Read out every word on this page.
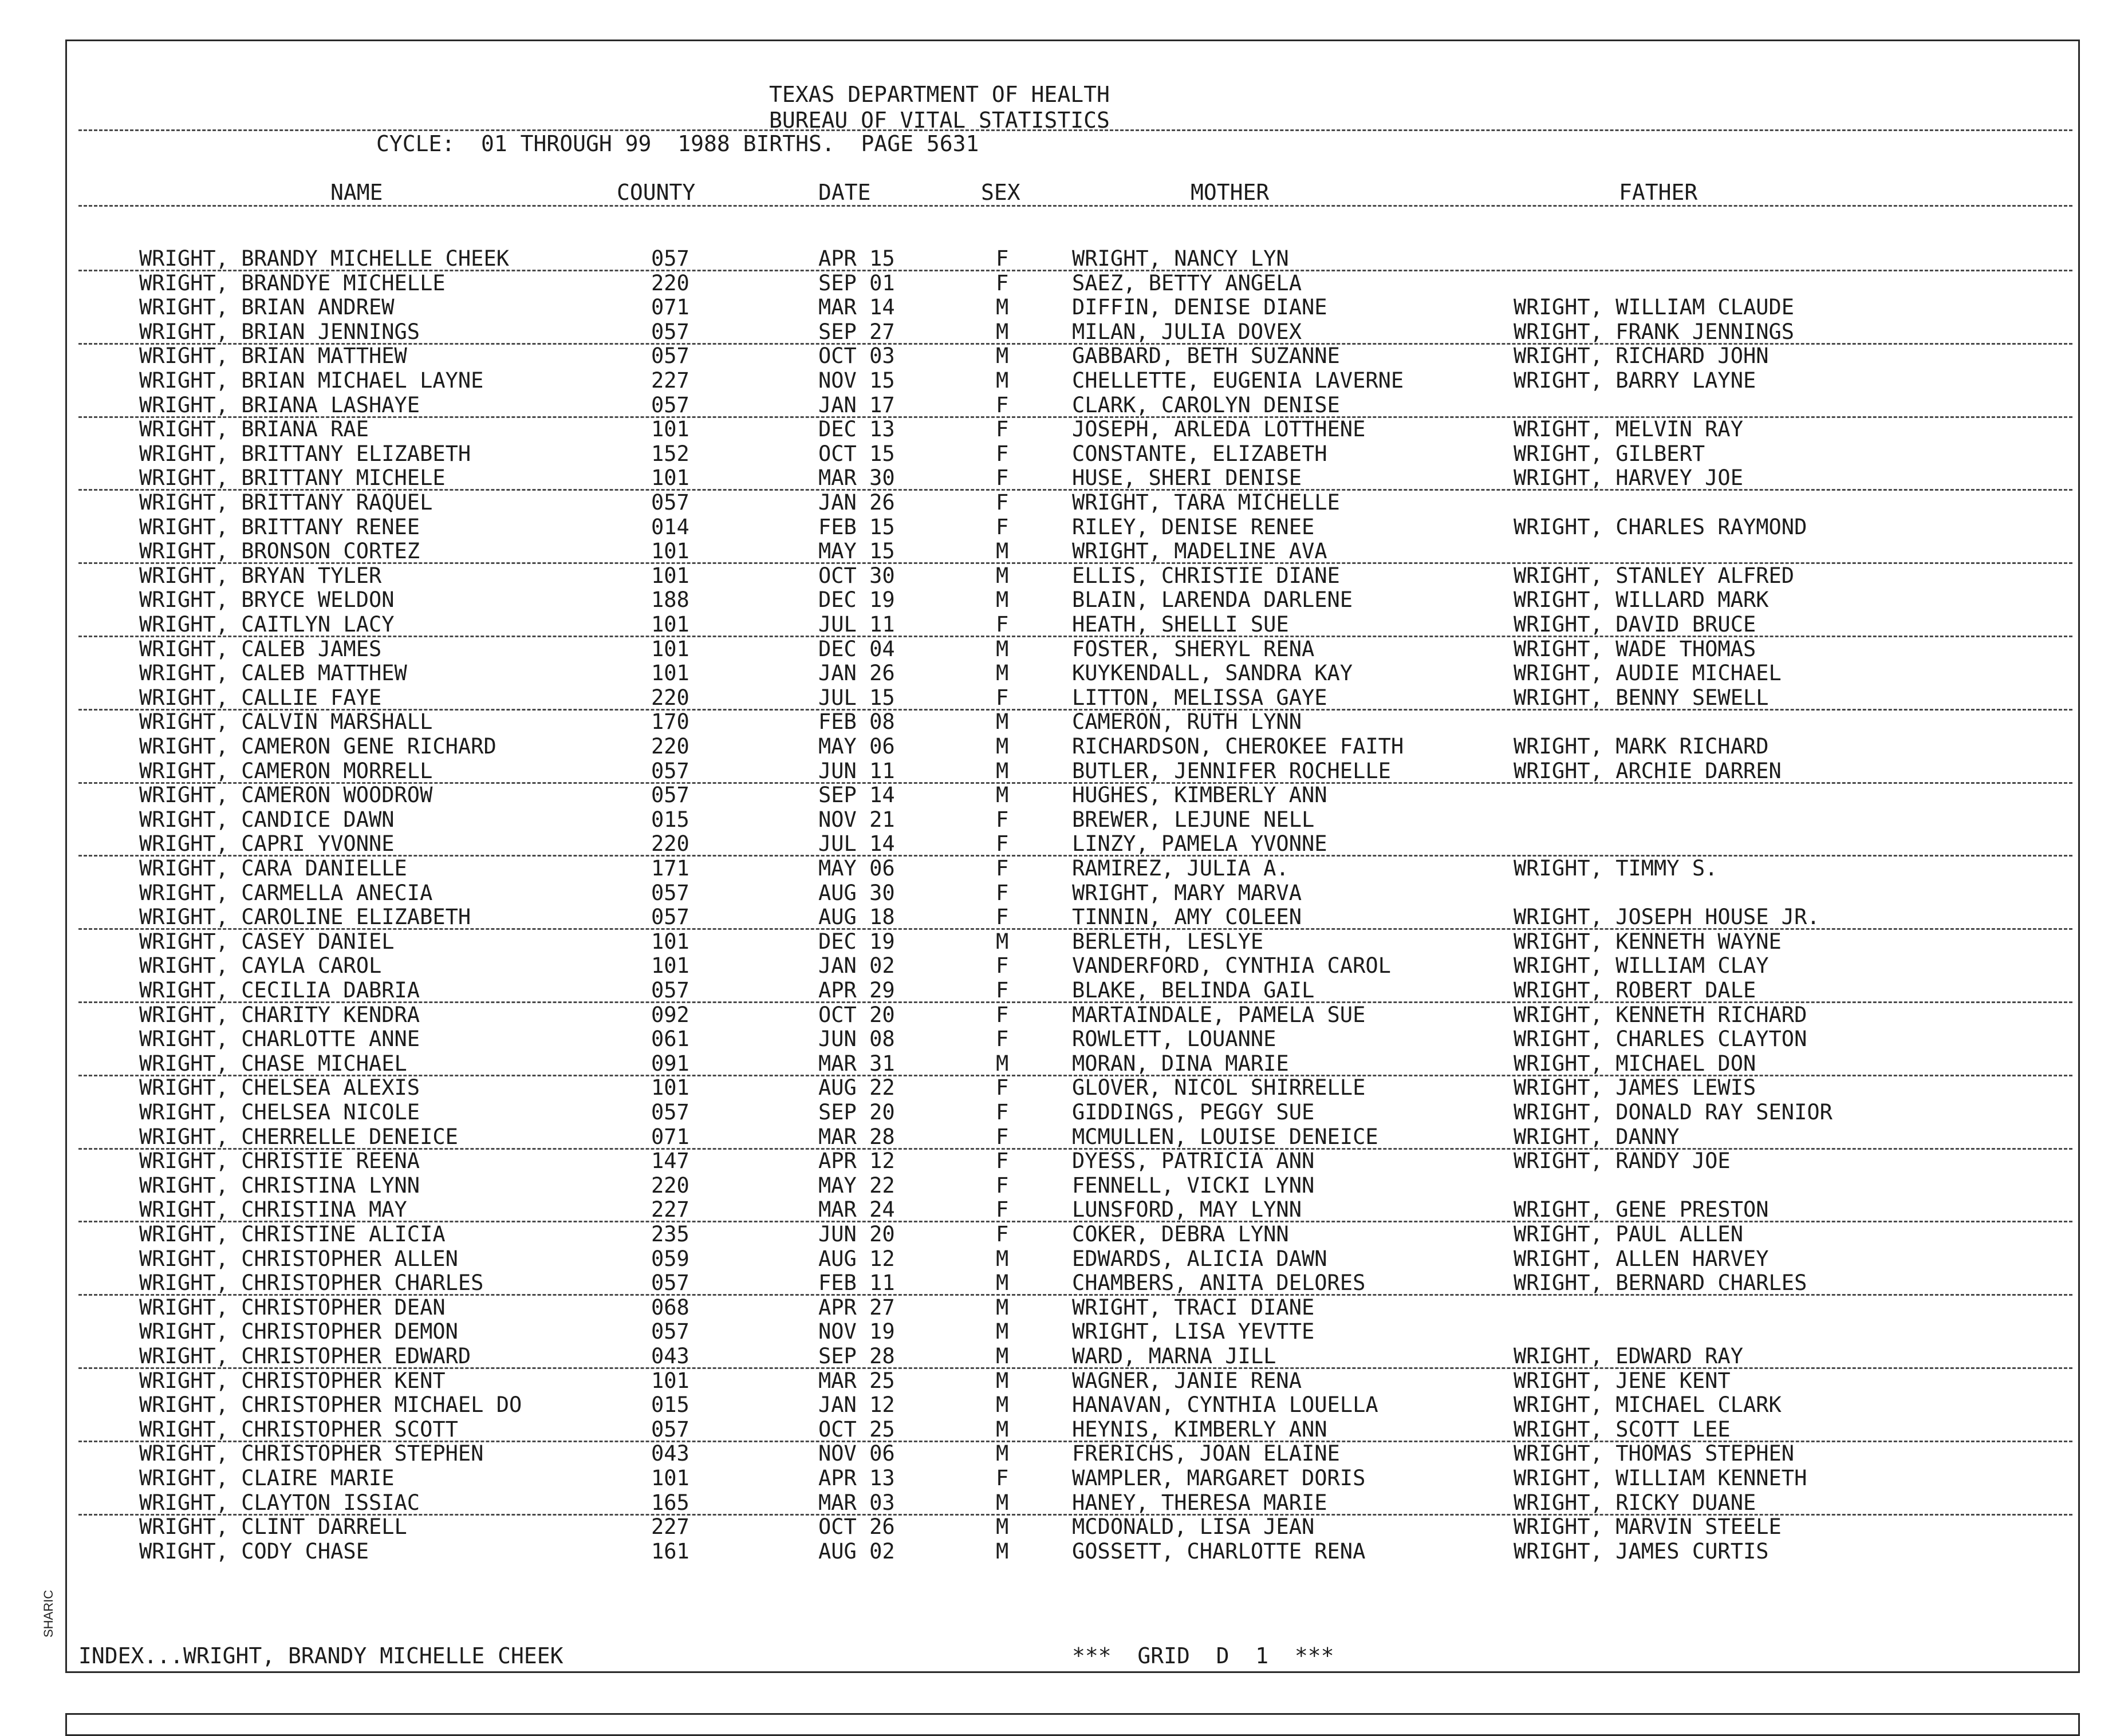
TEXAS DEPARTMENT OF HEALTH
BUREAU OF VITAL STATISTICS
CYCLE:  01 THROUGH 99  1988 BIRTHS.  PAGE 5631
NAME	COUNTY	DATE	SEX	MOTHER	FATHER
WRIGHT, BRANDY MICHELLE CHEEK	057	APR 15	F	WRIGHT, NANCY LYN
WRIGHT, BRANDYE MICHELLE	220	SEP 01	F	SAEZ, BETTY ANGELA
WRIGHT, BRIAN ANDREW	071	MAR 14	M	DIFFIN, DENISE DIANE	WRIGHT, WILLIAM CLAUDE
WRIGHT, BRIAN JENNINGS	057	SEP 27	M	MILAN, JULIA DOVEX	WRIGHT, FRANK JENNINGS
WRIGHT, BRIAN MATTHEW	057	OCT 03	M	GABBARD, BETH SUZANNE	WRIGHT, RICHARD JOHN
WRIGHT, BRIAN MICHAEL LAYNE	227	NOV 15	M	CHELLETTE, EUGENIA LAVERNE	WRIGHT, BARRY LAYNE
WRIGHT, BRIANA LASHAYE	057	JAN 17	F	CLARK, CAROLYN DENISE
WRIGHT, BRIANA RAE	101	DEC 13	F	JOSEPH, ARLEDA LOTTHENE	WRIGHT, MELVIN RAY
WRIGHT, BRITTANY ELIZABETH	152	OCT 15	F	CONSTANTE, ELIZABETH	WRIGHT, GILBERT
WRIGHT, BRITTANY MICHELE	101	MAR 30	F	HUSE, SHERI DENISE	WRIGHT, HARVEY JOE
WRIGHT, BRITTANY RAQUEL	057	JAN 26	F	WRIGHT, TARA MICHELLE
WRIGHT, BRITTANY RENEE	014	FEB 15	F	RILEY, DENISE RENEE	WRIGHT, CHARLES RAYMOND
WRIGHT, BRONSON CORTEZ	101	MAY 15	M	WRIGHT, MADELINE AVA
WRIGHT, BRYAN TYLER	101	OCT 30	M	ELLIS, CHRISTIE DIANE	WRIGHT, STANLEY ALFRED
WRIGHT, BRYCE WELDON	188	DEC 19	M	BLAIN, LARENDA DARLENE	WRIGHT, WILLARD MARK
WRIGHT, CAITLYN LACY	101	JUL 11	F	HEATH, SHELLI SUE	WRIGHT, DAVID BRUCE
WRIGHT, CALEB JAMES	101	DEC 04	M	FOSTER, SHERYL RENA	WRIGHT, WADE THOMAS
WRIGHT, CALEB MATTHEW	101	JAN 26	M	KUYKENDALL, SANDRA KAY	WRIGHT, AUDIE MICHAEL
WRIGHT, CALLIE FAYE	220	JUL 15	F	LITTON, MELISSA GAYE	WRIGHT, BENNY SEWELL
WRIGHT, CALVIN MARSHALL	170	FEB 08	M	CAMERON, RUTH LYNN
WRIGHT, CAMERON GENE RICHARD	220	MAY 06	M	RICHARDSON, CHEROKEE FAITH	WRIGHT, MARK RICHARD
WRIGHT, CAMERON MORRELL	057	JUN 11	M	BUTLER, JENNIFER ROCHELLE	WRIGHT, ARCHIE DARREN
WRIGHT, CAMERON WOODROW	057	SEP 14	M	HUGHES, KIMBERLY ANN
WRIGHT, CANDICE DAWN	015	NOV 21	F	BREWER, LEJUNE NELL
WRIGHT, CAPRI YVONNE	220	JUL 14	F	LINZY, PAMELA YVONNE
WRIGHT, CARA DANIELLE	171	MAY 06	F	RAMIREZ, JULIA A.	WRIGHT, TIMMY S.
WRIGHT, CARMELLA ANECIA	057	AUG 30	F	WRIGHT, MARY MARVA
WRIGHT, CAROLINE ELIZABETH	057	AUG 18	F	TINNIN, AMY COLEEN	WRIGHT, JOSEPH HOUSE JR.
WRIGHT, CASEY DANIEL	101	DEC 19	M	BERLETH, LESLYE	WRIGHT, KENNETH WAYNE
WRIGHT, CAYLA CAROL	101	JAN 02	F	VANDERFORD, CYNTHIA CAROL	WRIGHT, WILLIAM CLAY
WRIGHT, CECILIA DABRIA	057	APR 29	F	BLAKE, BELINDA GAIL	WRIGHT, ROBERT DALE
WRIGHT, CHARITY KENDRA	092	OCT 20	F	MARTAINDALE, PAMELA SUE	WRIGHT, KENNETH RICHARD
WRIGHT, CHARLOTTE ANNE	061	JUN 08	F	ROWLETT, LOUANNE	WRIGHT, CHARLES CLAYTON
WRIGHT, CHASE MICHAEL	091	MAR 31	M	MORAN, DINA MARIE	WRIGHT, MICHAEL DON
WRIGHT, CHELSEA ALEXIS	101	AUG 22	F	GLOVER, NICOL SHIRRELLE	WRIGHT, JAMES LEWIS
WRIGHT, CHELSEA NICOLE	057	SEP 20	F	GIDDINGS, PEGGY SUE	WRIGHT, DONALD RAY SENIOR
WRIGHT, CHERRELLE DENEICE	071	MAR 28	F	MCMULLEN, LOUISE DENEICE	WRIGHT, DANNY
WRIGHT, CHRISTIE REENA	147	APR 12	F	DYESS, PATRICIA ANN	WRIGHT, RANDY JOE
WRIGHT, CHRISTINA LYNN	220	MAY 22	F	FENNELL, VICKI LYNN
WRIGHT, CHRISTINA MAY	227	MAR 24	F	LUNSFORD, MAY LYNN	WRIGHT, GENE PRESTON
WRIGHT, CHRISTINE ALICIA	235	JUN 20	F	COKER, DEBRA LYNN	WRIGHT, PAUL ALLEN
WRIGHT, CHRISTOPHER ALLEN	059	AUG 12	M	EDWARDS, ALICIA DAWN	WRIGHT, ALLEN HARVEY
WRIGHT, CHRISTOPHER CHARLES	057	FEB 11	M	CHAMBERS, ANITA DELORES	WRIGHT, BERNARD CHARLES
WRIGHT, CHRISTOPHER DEAN	068	APR 27	M	WRIGHT, TRACI DIANE
WRIGHT, CHRISTOPHER DEMON	057	NOV 19	M	WRIGHT, LISA YEVTTE
WRIGHT, CHRISTOPHER EDWARD	043	SEP 28	M	WARD, MARNA JILL	WRIGHT, EDWARD RAY
WRIGHT, CHRISTOPHER KENT	101	MAR 25	M	WAGNER, JANIE RENA	WRIGHT, JENE KENT
WRIGHT, CHRISTOPHER MICHAEL DO	015	JAN 12	M	HANAVAN, CYNTHIA LOUELLA	WRIGHT, MICHAEL CLARK
WRIGHT, CHRISTOPHER SCOTT	057	OCT 25	M	HEYNIS, KIMBERLY ANN	WRIGHT, SCOTT LEE
WRIGHT, CHRISTOPHER STEPHEN	043	NOV 06	M	FRERICHS, JOAN ELAINE	WRIGHT, THOMAS STEPHEN
WRIGHT, CLAIRE MARIE	101	APR 13	F	WAMPLER, MARGARET DORIS	WRIGHT, WILLIAM KENNETH
WRIGHT, CLAYTON ISSIAC	165	MAR 03	M	HANEY, THERESA MARIE	WRIGHT, RICKY DUANE
WRIGHT, CLINT DARRELL	227	OCT 26	M	MCDONALD, LISA JEAN	WRIGHT, MARVIN STEELE
WRIGHT, CODY CHASE	161	AUG 02	M	GOSSETT, CHARLOTTE RENA	WRIGHT, JAMES CURTIS
INDEX...WRIGHT, BRANDY MICHELLE CHEEK	***  GRID  D  1  ***
SHARIC
